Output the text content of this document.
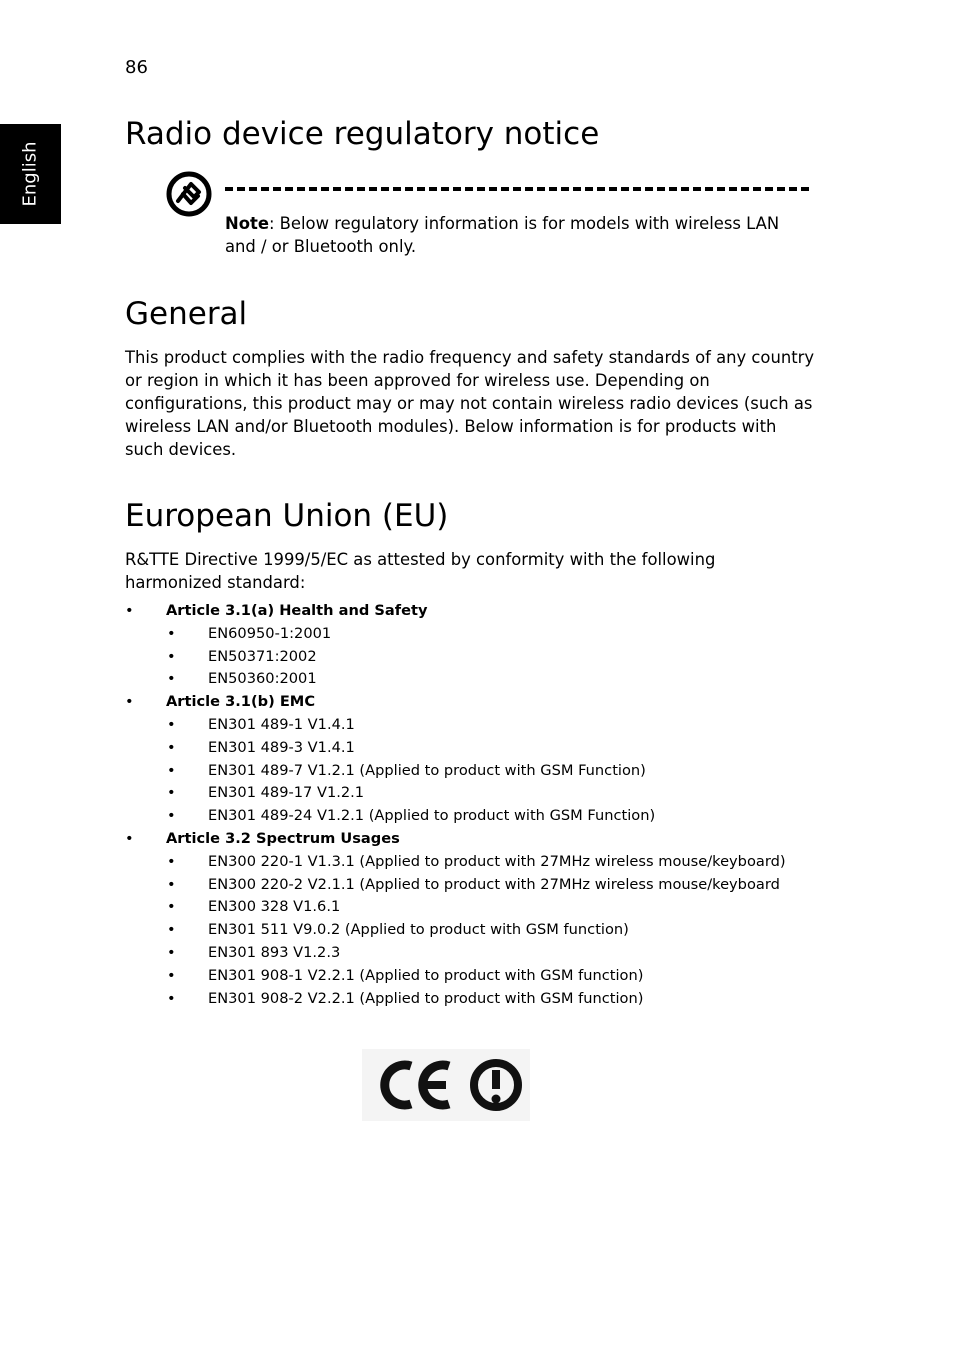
86
English
Radio device regulatory notice
Note: Below regulatory information is for models with wireless LAN and / or Bluetooth only.
General
This product complies with the radio frequency and safety standards of any country or region in which it has been approved for wireless use. Depending on configurations, this product may or may not contain wireless radio devices (such as wireless LAN and/or Bluetooth modules). Below information is for products with such devices.
European Union (EU)
R&TTE Directive 1999/5/EC as attested by conformity with the following harmonized standard:
• Article 3.1(a) Health and Safety
• EN60950-1:2001
• EN50371:2002
• EN50360:2001
• Article 3.1(b) EMC
• EN301 489-1 V1.4.1
• EN301 489-3 V1.4.1
• EN301 489-7 V1.2.1 (Applied to product with GSM Function)
• EN301 489-17 V1.2.1
• EN301 489-24 V1.2.1 (Applied to product with GSM Function)
• Article 3.2 Spectrum Usages
• EN300 220-1 V1.3.1 (Applied to product with 27MHz wireless mouse/keyboard)
• EN300 220-2 V2.1.1 (Applied to product with 27MHz wireless mouse/keyboard
• EN300 328 V1.6.1
• EN301 511 V9.0.2 (Applied to product with GSM function)
• EN301 893 V1.2.3
• EN301 908-1 V2.2.1 (Applied to product with GSM function)
• EN301 908-2 V2.2.1 (Applied to product with GSM function)
